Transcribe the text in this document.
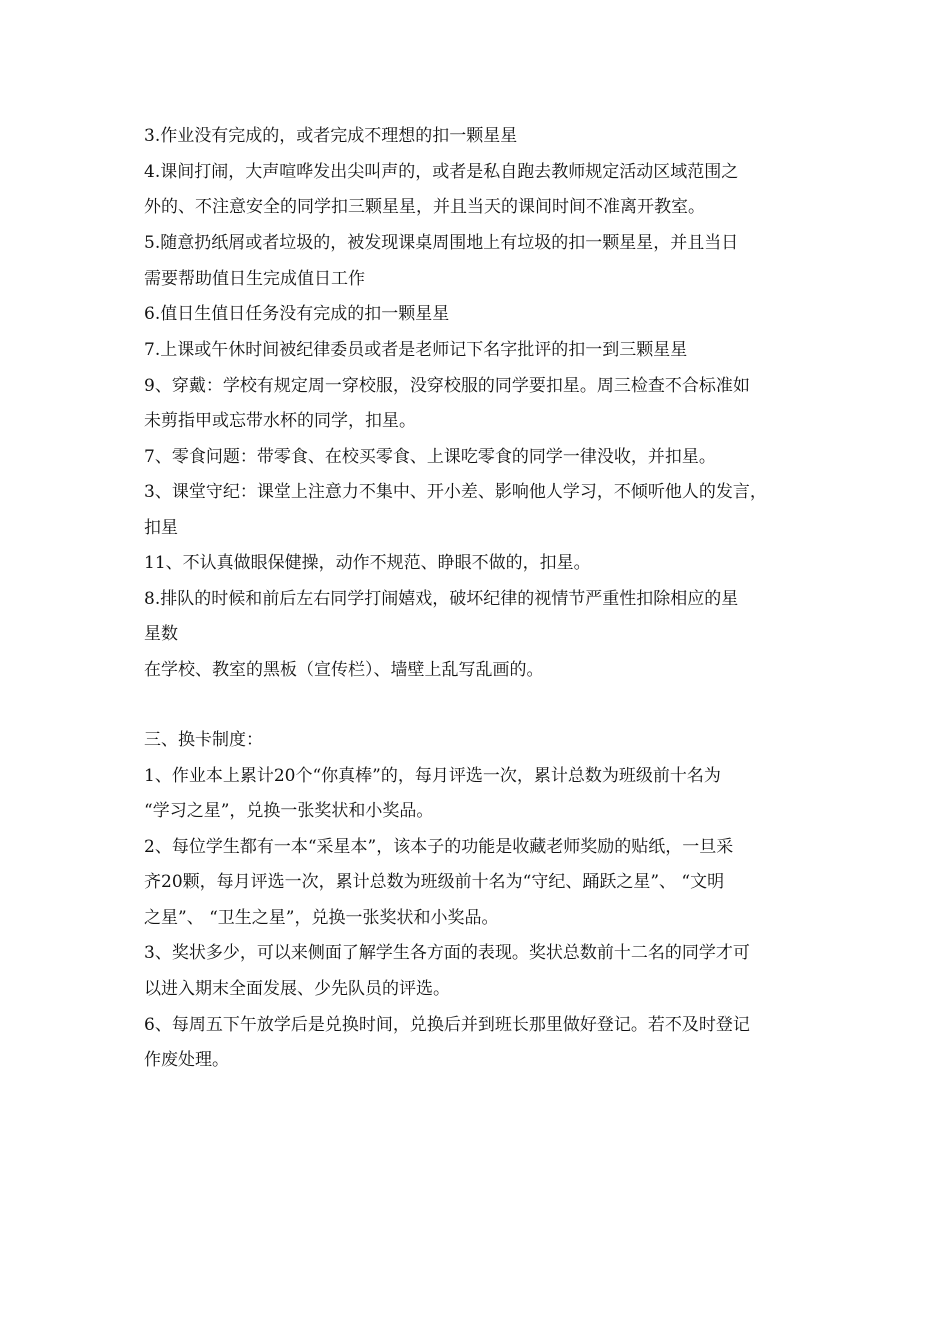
3.作业没有完成的，或者完成不理想的扣一颗星星
4.课间打闹，大声喧哗发出尖叫声的，或者是私自跑去教师规定活动区域范围之
外的、不注意安全的同学扣三颗星星，并且当天的课间时间不准离开教室。
5.随意扔纸屑或者垃圾的，被发现课桌周围地上有垃圾的扣一颗星星，并且当日
需要帮助值日生完成值日工作
6.值日生值日任务没有完成的扣一颗星星
7.上课或午休时间被纪律委员或者是老师记下名字批评的扣一到三颗星星
9、穿戴：学校有规定周一穿校服，没穿校服的同学要扣星。周三检查不合标准如
未剪指甲或忘带水杯的同学，扣星。
7、零食问题：带零食、在校买零食、上课吃零食的同学一律没收，并扣星。
3、课堂守纪：课堂上注意力不集中、开小差、影响他人学习，不倾听他人的发言，
扣星
11、不认真做眼保健操，动作不规范、睁眼不做的，扣星。
8.排队的时候和前后左右同学打闹嬉戏，破坏纪律的视情节严重性扣除相应的星
星数
在学校、教室的黑板（宣传栏）、墙壁上乱写乱画的。
三、换卡制度：
1、作业本上累计20个“你真棒”的，每月评选一次，累计总数为班级前十名为
“学习之星”，兑换一张奖状和小奖品。
2、每位学生都有一本“采星本”，该本子的功能是收藏老师奖励的贴纸，一旦采
齐20颗，每月评选一次，累计总数为班级前十名为“守纪、踊跃之星”、 “文明
之星”、 “卫生之星”，兑换一张奖状和小奖品。
3、奖状多少，可以来侧面了解学生各方面的表现。奖状总数前十二名的同学才可
以进入期末全面发展、少先队员的评选。
6、每周五下午放学后是兑换时间，兑换后并到班长那里做好登记。若不及时登记
作废处理。
